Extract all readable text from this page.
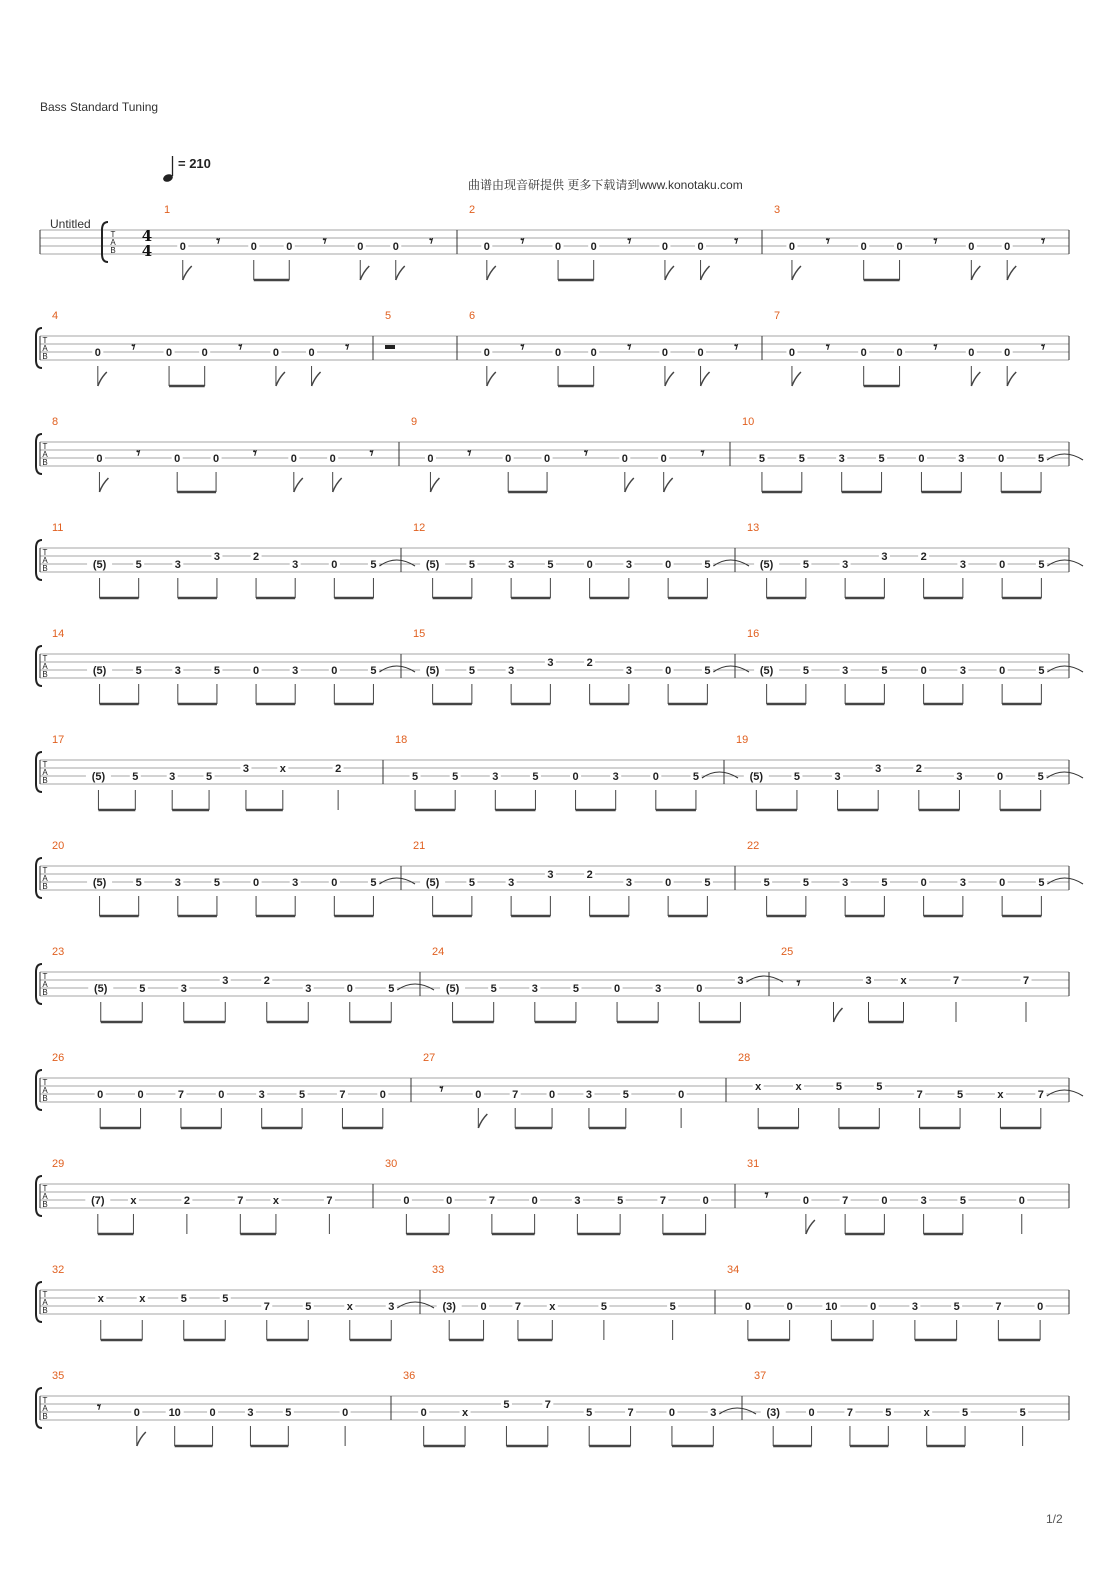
Bass Standard Tuning
= 210
曲谱由现音研提供 更多下载请到www.konotaku.com
Untitled
T
A
B
4
4
1
0 𝄾	0	0 𝄾	0	0 𝄾
2
0 𝄾	0	0 𝄾	0	0 𝄾
3
0 𝄾	0	0 𝄾	0	0 𝄾
T
A
B
4
0 𝄾	0	0 𝄾	0	0 𝄾
5	6
0 𝄾	0	0 𝄾	0	0 𝄾
7
0 𝄾	0	0 𝄾	0	0 𝄾
T
A
B
8
0 𝄾	0	0 𝄾	0	0 𝄾
9
0 𝄾	0	0 𝄾	0	0 𝄾
10
5	5	3	5	0	3	0	5
T
A
B
11
(5)	5	3
3	2
3	0	5
12
(5)	5	3	5	0	3	0	5
13
(5)	5	3
3	2
3	0	5
T
A
B
14
(5)	5	3	5	0	3	0	5
15
(5)	5	3
3	2
3	0	5
16
(5)	5	3	5	0	3	0	5
T
A
B
17
(5) 5	3	5
3	x	2
18
5	5	3	5	0	3	0	5
19
(5)	5	3
3	2
3	0	5
T
A
B
20
(5)	5	3	5	0	3	0	5
21
(5)	5	3
3	2
3	0	5
22
5	5	3	5	0	3	0	5
T
A
B
23
(5)	5	3
3	2
3	0	5
24
(5)	5	3	5	0	3	0
3
25
𝄾	3	x	7	7
T
A
B
26
0	0	7	0	3	5	7	0
27
𝄾	0	7	0	3	5	0
28
x	x	5	5
7	5	x	7
T
A
B
29
(7) x	2	7	x	7
30
0	0	7	0	3	5	7	0
31
𝄾	0	7	0	3	5	0
T
A
B
32
x	x	5	5
7	5	x	3
33
(3) 0	7	x	5	5
34
0	0	10	0	3	5	7	0
T
A
B
35
𝄾	0	10	0	3	5	0
36
0	x
5	7
5	7	0	3
37
(3)	0	7	5	x	5	5
1/2
